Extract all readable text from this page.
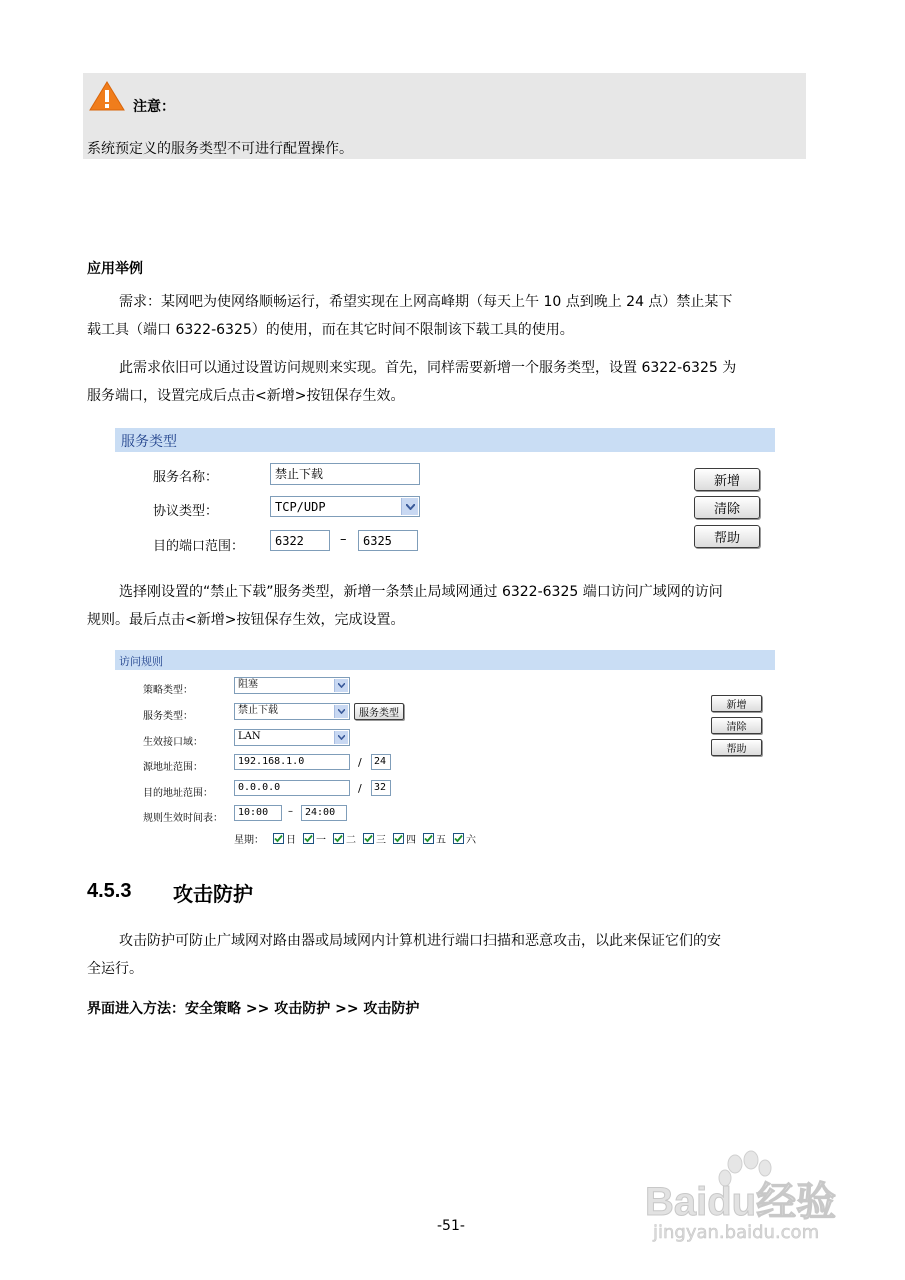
注意：
系统预定义的服务类型不可进行配置操作。
应用举例
需求：某网吧为使网络顺畅运行，希望实现在上网高峰期（每天上午 10 点到晚上 24 点）禁止某下
载工具（端口 6322-6325）的使用，而在其它时间不限制该下载工具的使用。
此需求依旧可以通过设置访问规则来实现。首先，同样需要新增一个服务类型，设置 6322-6325 为
服务端口，设置完成后点击<新增>按钮保存生效。
服务类型
服务名称：	禁止下载
协议类型：	TCP/UDP
目的端口范围：	6322	–	6325
新增
清除
帮助
选择刚设置的“禁止下载”服务类型，新增一条禁止局域网通过 6322-6325 端口访问广域网的访问
规则。最后点击<新增>按钮保存生效，完成设置。
访问规则
策略类型：
阻塞
服务类型：
禁止下载	服务类型
生效接口域：
LAN
源地址范围：
192.168.1.0	/	24
目的地址范围：
0.0.0.0	/	32
规则生效时间表：
10:00	–	24:00
星期： 日 一 二 三 四 五 六
新增
清除
帮助
4.5.3 攻击防护
攻击防护可防止广域网对路由器或局域网内计算机进行端口扫描和恶意攻击，以此来保证它们的安
全运行。
界面进入方法：安全策略 >> 攻击防护 >> 攻击防护
Baidu经验
jingyan.baidu.com
-51-
